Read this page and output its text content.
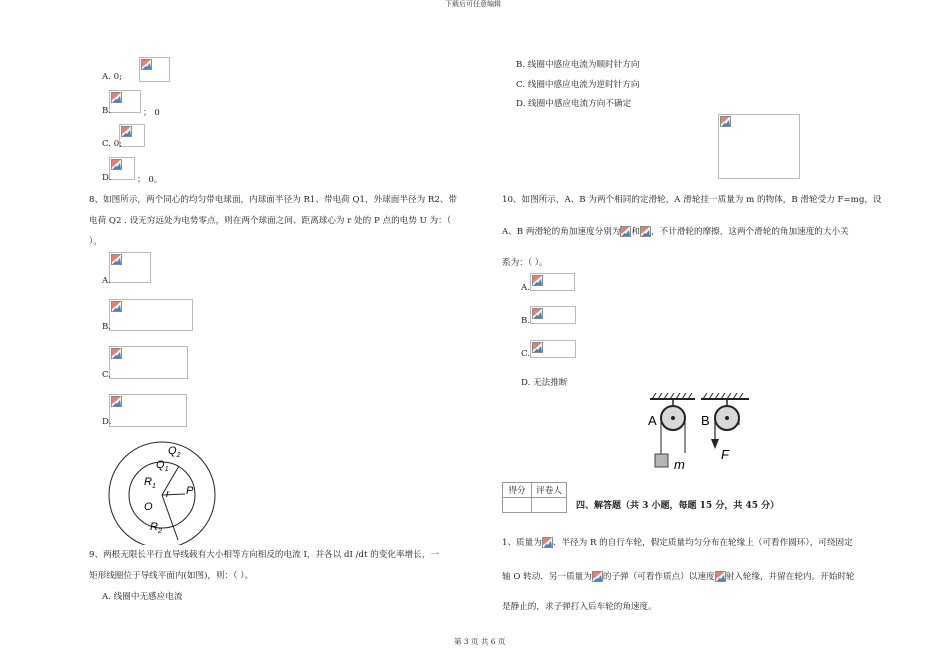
下载后可任意编辑
第 3 页 共 6 页
A. 0;
B.	； 0
C. 0;
D.	； 0。
8、如图所示，两个同心的均匀带电球面，内球面半径为 R1、带电荷 Q1，外球面半径为 R2、带
电荷 Q2 . 设无穷远处为电势零点，则在两个球面之间、距离球心为 r 处的 P 点的电势 U 为：（
）。
A.
B.
C.
D.
$Q_2$
$Q_1$
$R_1$
r P
O
$R_2$
9、两根无限长平行直导线载有大小相等方向相反的电流 I，并各以 dI /dt 的变化率增长，一
矩形线圈位于导线平面内(如图)，则：（ ）。
A. 线圈中无感应电流
B. 线圈中感应电流为顺时针方向
C. 线圈中感应电流为逆时针方向
D. 线圈中感应电流方向不确定
10、如图所示，A、B 为两个相同的定滑轮，A 滑轮挂一质量为 m 的物体，B 滑轮受力 F=mg，设
A、B 两滑轮的角加速度分别为 和 ，不计滑轮的摩擦，这两个滑轮的角加速度的大小关
系为：（ ）。
A.
B.
C.
D. 无法推断
A
m
B
F
得分	评卷人

四、解答题（共 3 小题，每题 15 分，共 45 分）
1、质量为 、半径为 R 的自行车轮，假定质量均匀分布在轮缘上（可看作圆环），可绕固定
轴 O 转动．另一质量为 的子弹（可看作质点）以速度 射入轮缘，并留在轮内。开始时轮
是静止的，求子弹打入后车轮的角速度。
